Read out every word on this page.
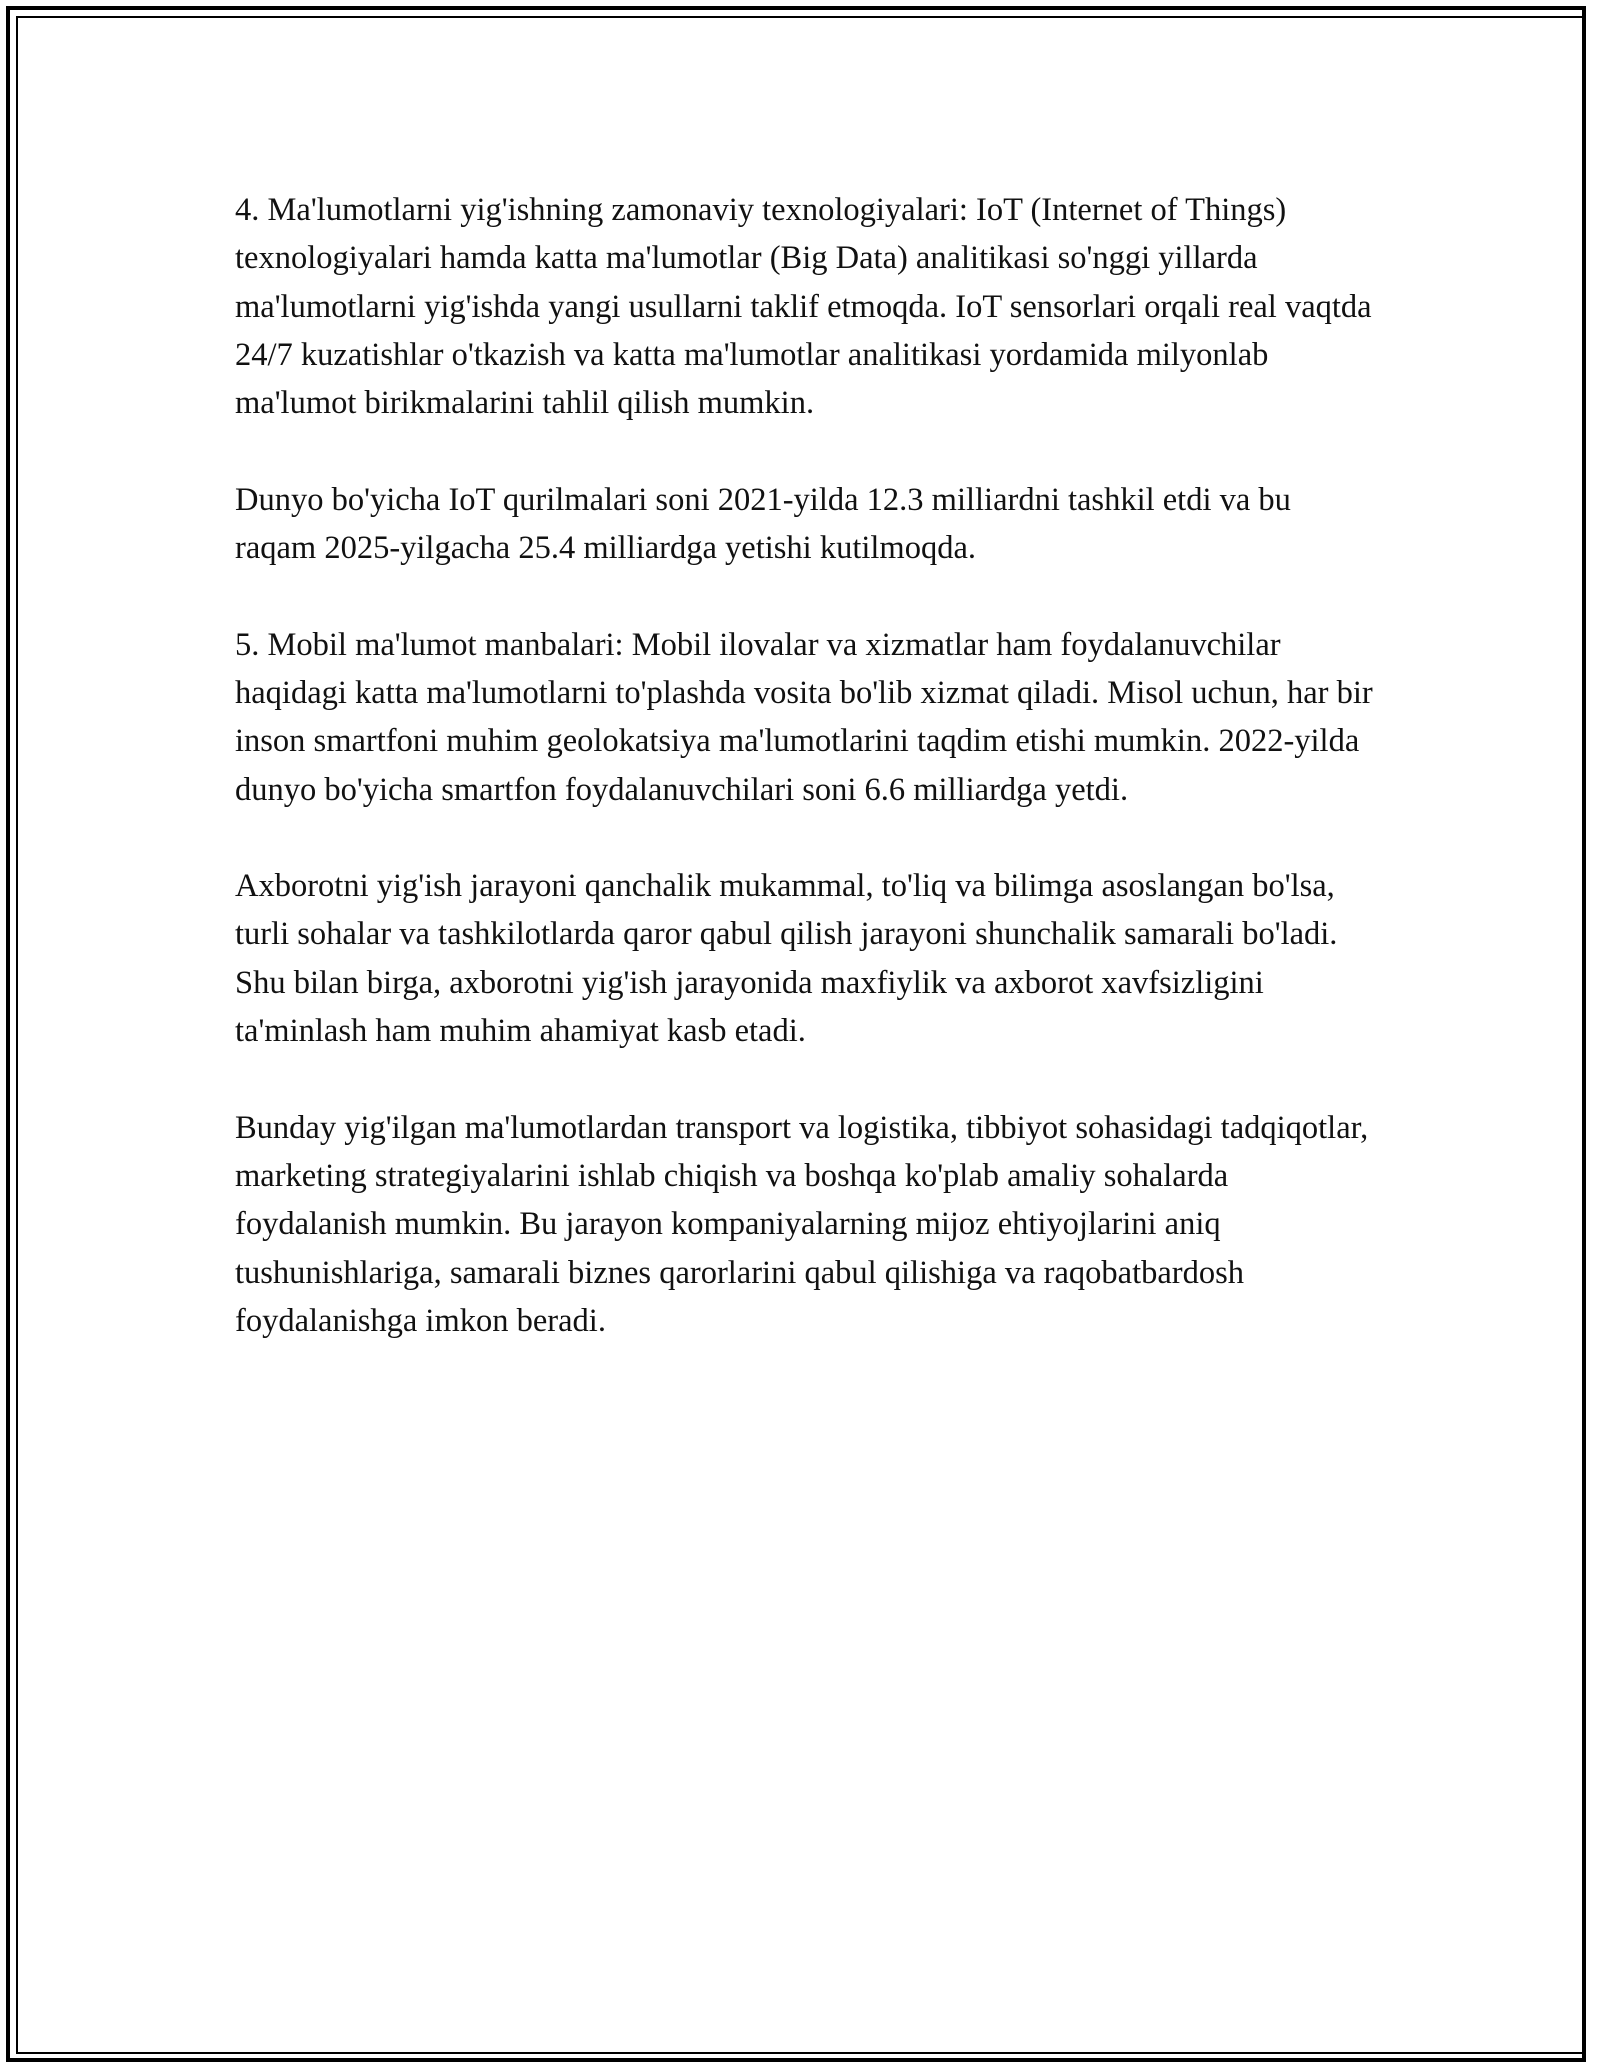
4. Ma'lumotlarni yig'ishning zamonaviy texnologiyalari: IoT (Internet of Things) texnologiyalari hamda katta ma'lumotlar (Big Data) analitikasi so'nggi yillarda ma'lumotlarni yig'ishda yangi usullarni taklif etmoqda. IoT sensorlari orqali real vaqtda 24/7 kuzatishlar o'tkazish va katta ma'lumotlar analitikasi yordamida milyonlab ma'lumot birikmalarini tahlil qilish mumkin.

Dunyo bo'yicha IoT qurilmalari soni 2021-yilda 12.3 milliardni tashkil etdi va bu raqam 2025-yilgacha 25.4 milliardga yetishi kutilmoqda.

5. Mobil ma'lumot manbalari: Mobil ilovalar va xizmatlar ham foydalanuvchilar haqidagi katta ma'lumotlarni to'plashda vosita bo'lib xizmat qiladi. Misol uchun, har bir inson smartfoni muhim geolokatsiya ma'lumotlarini taqdim etishi mumkin. 2022-yilda dunyo bo'yicha smartfon foydalanuvchilari soni 6.6 milliardga yetdi.

Axborotni yig'ish jarayoni qanchalik mukammal, to'liq va bilimga asoslangan bo'lsa, turli sohalar va tashkilotlarda qaror qabul qilish jarayoni shunchalik samarali bo'ladi. Shu bilan birga, axborotni yig'ish jarayonida maxfiylik va axborot xavfsizligini ta'minlash ham muhim ahamiyat kasb etadi.

Bunday yig'ilgan ma'lumotlardan transport va logistika, tibbiyot sohasidagi tadqiqotlar, marketing strategiyalarini ishlab chiqish va boshqa ko'plab amaliy sohalarda foydalanish mumkin. Bu jarayon kompaniyalarning mijoz ehtiyojlarini aniq tushunishlariga, samarali biznes qarorlarini qabul qilishiga va raqobatbardosh foydalanishga imkon beradi.
